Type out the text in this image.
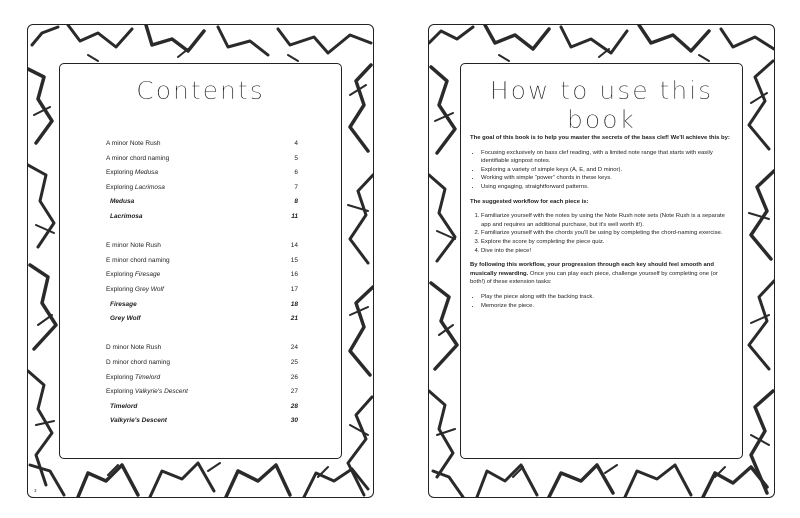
Contents
A minor Note Rush	4
A minor chord naming	5
Exploring Medusa	6
Exploring Lacrimosa	7
Medusa	8
Lacrimosa	11
E minor Note Rush	14
E minor chord naming	15
Exploring Firesage	16
Exploring Grey Wolf	17
Firesage	18
Grey Wolf	21
D minor Note Rush	24
D minor chord naming	25
Exploring Timelord	26
Exploring Valkyrie's Descent	27
Timelord	28
Valkyrie's Descent	30
3
How to use this book

The goal of this book is to help you master the secrets of the bass clef! We'll achieve this by:

• Focusing exclusively on bass clef reading, with a limited note range that starts with easily identifiable signpost notes.
• Exploring a variety of simple keys (A, E, and D minor).
• Working with simple “power” chords in these keys.
• Using engaging, straightforward patterns.

The suggested workflow for each piece is:

1. Familiarize yourself with the notes by using the Note Rush note sets (Note Rush is a separate app and requires an additional purchase, but it's well worth it!).
2. Familiarize yourself with the chords you'll be using by completing the chord-naming exercise.
3. Explore the score by completing the piece quiz.
4. Dive into the piece!

By following this workflow, your progression through each key should feel smooth and musically rewarding. Once you can play each piece, challenge yourself by completing one (or both!) of these extension tasks:

• Play the piece along with the backing track.
• Memorize the piece.
4
